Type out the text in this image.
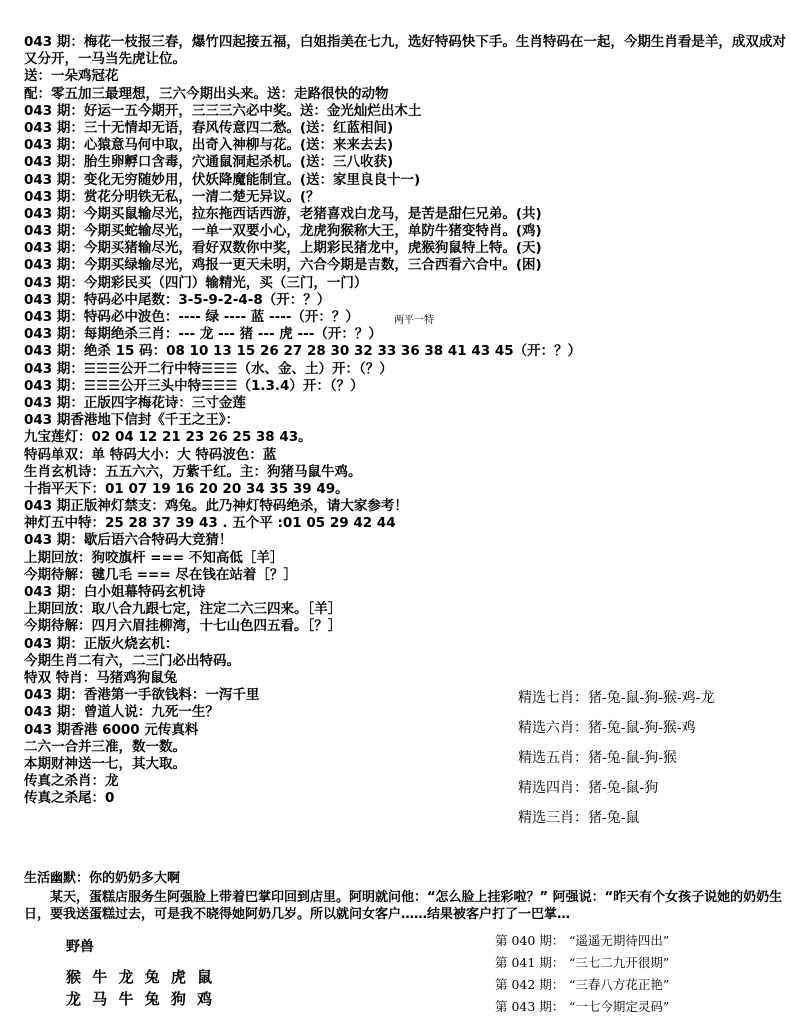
043 期：梅花一枝报三春，爆竹四起接五福，白姐指美在七九，选好特码快下手。生肖特码在一起，今期生肖看是羊，成双成对又分开，一马当先虎让位。
送：一朵鸡冠花
配：零五加三最理想，三六今期出头来。送：走路很快的动物
043 期：好运一五今期开，三三三六必中奖。送：金光灿烂出木土
043 期：三十无情却无语，春风传意四二愁。(送：红蓝相间)
043 期：心猿意马何中取，出奇入神柳与花。(送：来来去去)
043 期：胎生卵孵口含毒，穴通鼠洞起杀机。(送：三八收获)
043 期：变化无穷随妙用，伏妖降魔能制宜。(送：家里良良十一)
043 期：赏花分明铁无私，一清二楚无异议。(？
043 期：今期买鼠输尽光，拉东拖西话西游，老猪喜戏白龙马，是苦是甜仨兄弟。(共)
043 期：今期买蛇输尽光，一单一双要小心，龙虎狗猴称大王，单防牛猪变特肖。(鸡)
043 期：今期买猪输尽光，看好双数你中奖，上期彩民猪龙中，虎猴狗鼠特上特。(天)
043 期：今期买绿输尽光，鸡报一更天未明，六合今期是吉数，三合西看六合中。(困)
043 期：今期彩民买（四门）输精光，买（三门，一门）
043 期：特码必中尾数：3-5-9-2-4-8（开：？）
043 期：特码必中波色：---- 绿 ---- 蓝 ----（开：？）
043 期：每期绝杀三肖：--- 龙 --- 猪 --- 虎 ---（开：？）
043 期：绝杀 15 码：08 10 13 15 26 27 28 30 32 33 36 38 41 43 45（开：？）
043 期：☰☰☰公开二行中特☰☰☰（水、金、土）开：（？）
043 期：☰☰☰公开三头中特☰☰☰（1.3.4）开：（？）
043 期：正版四字梅花诗：三寸金莲
043 期香港地下信封《千王之王》：
九宝莲灯：02 04 12 21 23 26 25 38 43。
特码单双：单 特码大小：大 特码波色：蓝
生肖玄机诗：五五六六，万紫千红。主：狗猪马鼠牛鸡。
十指平天下：01 07 19 16 20 20 34 35 39 49。
043 期正版神灯禁支：鸡兔。此乃神灯特码绝杀，请大家参考！
神灯五中特：25 28 37 39 43 . 五个平 :01 05 29 42 44
043 期：歇后语六合特码大竞猜！
上期回放：狗咬旗杆 === 不知高低［羊］
今期待解：毽几毛 === 尽在钱在站着［？］
043 期：白小姐幕特码玄机诗
上期回放：取八合九跟七定，注定二六三四来。［羊］
今期待解：四月六眉挂柳湾，十七山色四五看。［？］
043 期：正版火烧玄机：
今期生肖二有六，二三门必出特码。
特双 特肖：马猪鸡狗鼠兔
043 期：香港第一手欲钱料：一泻千里
043 期：曾道人说：九死一生？
043 期香港 6000 元传真料
二六一合并三准，数一数。
本期财神送一七，其大取。
传真之杀肖：龙
传真之杀尾：0
两平一特
精选七肖：猪-兔-鼠-狗-猴-鸡-龙
精选六肖：猪-兔-鼠-狗-猴-鸡
精选五肖：猪-兔-鼠-狗-猴
精选四肖：猪-兔-鼠-狗
精选三肖：猪-兔-鼠
生活幽默：你的奶奶多大啊
某天，蛋糕店服务生阿强脸上带着巴掌印回到店里。阿明就问他：“怎么脸上挂彩啦？” 阿强说：“昨天有个女孩子说她的奶奶生日，要我送蛋糕过去，可是我不晓得她阿奶几岁。所以就问女客户……结果被客户打了一巴掌…
野兽
猴 牛 龙 兔 虎 鼠
龙 马 牛 兔 狗 鸡
第 040 期： “遥遥无期待四出”
第 041 期： “三七二九开很期”
第 042 期： “三春八方花正艳”
第 043 期： “一七今期定灵码”
